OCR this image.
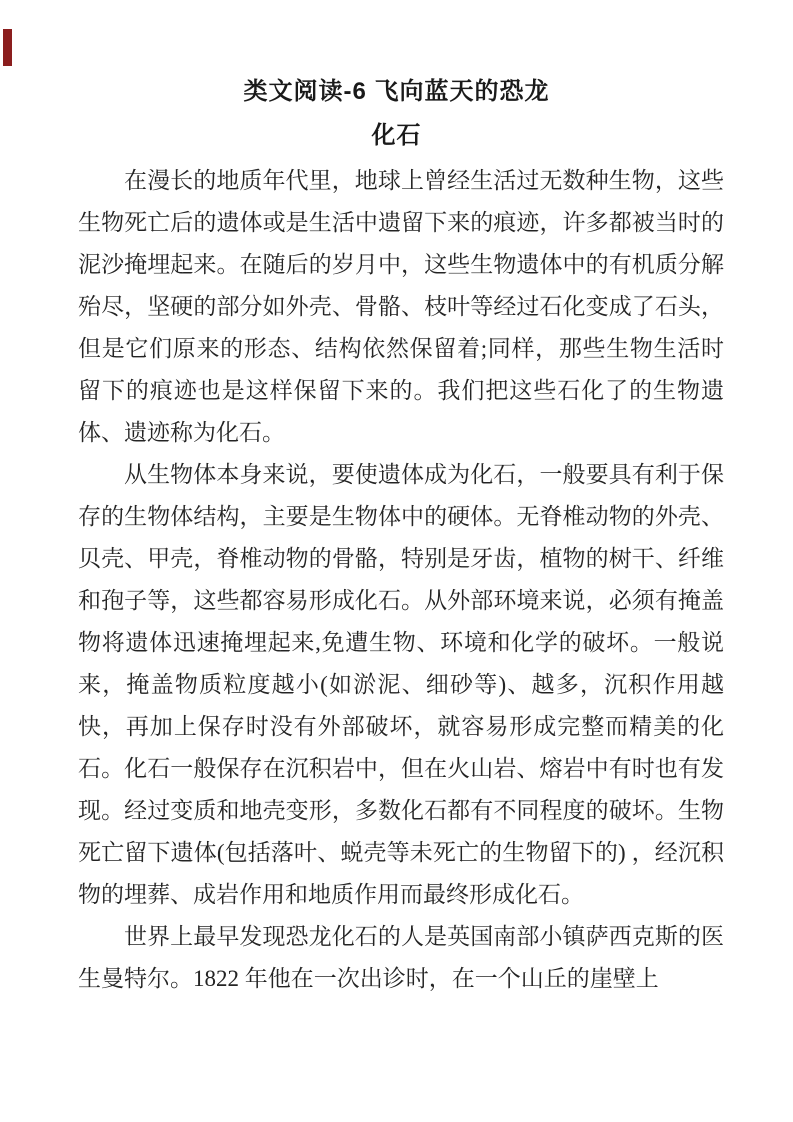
类文阅读-6 飞向蓝天的恐龙
化石

在漫长的地质年代里，地球上曾经生活过无数种生物，这些生物死亡后的遗体或是生活中遗留下来的痕迹，许多都被当时的泥沙掩埋起来。在随后的岁月中，这些生物遗体中的有机质分解殆尽，坚硬的部分如外壳、骨骼、枝叶等经过石化变成了石头，但是它们原来的形态、结构依然保留着;同样，那些生物生活时留下的痕迹也是这样保留下来的。我们把这些石化了的生物遗体、遗迹称为化石。

从生物体本身来说，要使遗体成为化石，一般要具有利于保存的生物体结构，主要是生物体中的硬体。无脊椎动物的外壳、贝壳、甲壳，脊椎动物的骨骼，特别是牙齿，植物的树干、纤维和孢子等，这些都容易形成化石。从外部环境来说，必须有掩盖物将遗体迅速掩埋起来,免遭生物、环境和化学的破坏。一般说来，掩盖物质粒度越小(如淤泥、细砂等)、越多，沉积作用越快，再加上保存时没有外部破坏，就容易形成完整而精美的化石。化石一般保存在沉积岩中，但在火山岩、熔岩中有时也有发现。经过变质和地壳变形，多数化石都有不同程度的破坏。生物死亡留下遗体(包括落叶、蜕壳等未死亡的生物留下的) ，经沉积物的埋葬、成岩作用和地质作用而最终形成化石。

世界上最早发现恐龙化石的人是英国南部小镇萨西克斯的医生曼特尔。1822 年他在一次出诊时，在一个山丘的崖壁上
